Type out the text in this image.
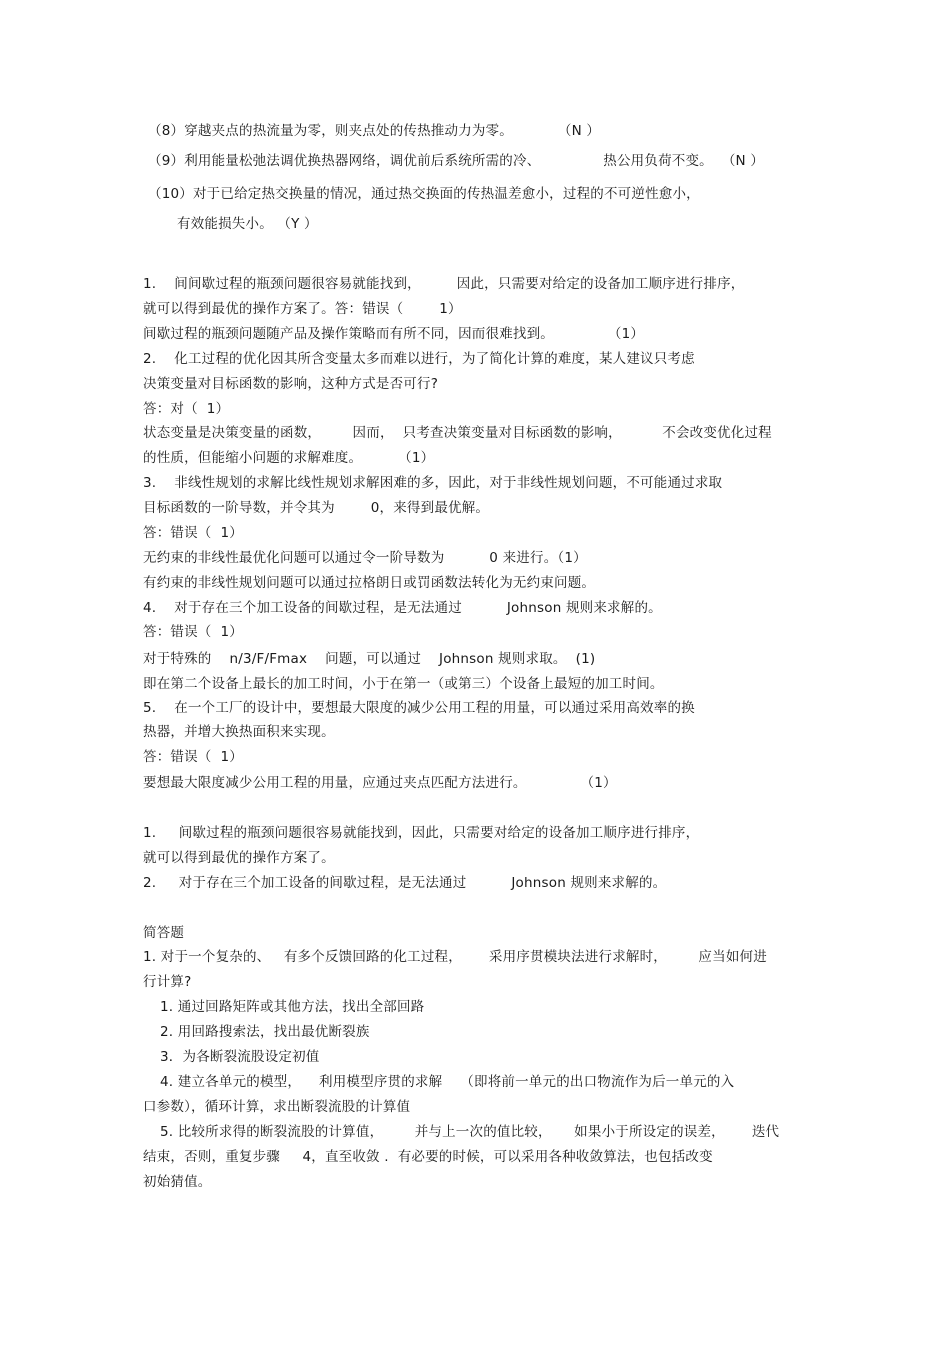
（8）穿越夹点的热流量为零，则夹点处的传热推动力为零。          （N ）
（9）利用能量松弛法调优换热器网络，调优前后系统所需的冷、              热公用负荷不变。  （N ）
（10）对于已给定热交换量的情况，通过热交换面的传热温差愈小，过程的不可逆性愈小，
有效能损失小。 （Y ）
1.    间间歇过程的瓶颈问题很容易就能找到，        因此，只需要对给定的设备加工顺序进行排序，
就可以得到最优的操作方案了。答：错误（        1）
间歇过程的瓶颈问题随产品及操作策略而有所不同，因而很难找到。            （1）
2.    化工过程的优化因其所含变量太多而难以进行，为了简化计算的难度，某人建议只考虑
决策变量对目标函数的影响，这种方式是否可行?
答：对（  1）
状态变量是决策变量的函数，       因而，  只考查决策变量对目标函数的影响，         不会改变优化过程
的性质，但能缩小问题的求解难度。        （1）
3.    非线性规划的求解比线性规划求解困难的多，因此，对于非线性规划问题，不可能通过求取
目标函数的一阶导数，并令其为        0，来得到最优解。
答：错误（  1）
无约束的非线性最优化问题可以通过令一阶导数为          0 来进行。（1）
有约束的非线性规划问题可以通过拉格朗日或罚函数法转化为无约束问题。
4.    对于存在三个加工设备的间歇过程，是无法通过          Johnson 规则来求解的。
答：错误（  1）
对于特殊的    n/3/F/Fmax    问题，可以通过    Johnson 规则求取。  (1)
即在第二个设备上最长的加工时间，小于在第一（或第三）个设备上最短的加工时间。
5.    在一个工厂的设计中，要想最大限度的减少公用工程的用量，可以通过采用高效率的换
热器，并增大换热面积来实现。
答：错误（  1）
要想最大限度减少公用工程的用量，应通过夹点匹配方法进行。            （1）
1.     间歇过程的瓶颈问题很容易就能找到，因此，只需要对给定的设备加工顺序进行排序，
就可以得到最优的操作方案了。
2.     对于存在三个加工设备的间歇过程，是无法通过          Johnson 规则来求解的。
简答题
1. 对于一个复杂的、   有多个反馈回路的化工过程，      采用序贯模块法进行求解时，       应当如何进
行计算?
1. 通过回路矩阵或其他方法，找出全部回路
2. 用回路搜索法，找出最优断裂族
3．为各断裂流股设定初值
4. 建立各单元的模型，    利用模型序贯的求解    （即将前一单元的出口物流作为后一单元的入
口参数），循环计算，求出断裂流股的计算值
5. 比较所求得的断裂流股的计算值，       并与上一次的值比较，     如果小于所设定的误差，      迭代
结束，否则，重复步骤     4，直至收敛 .  有必要的时候，可以采用各种收敛算法，也包括改变
初始猜值。
